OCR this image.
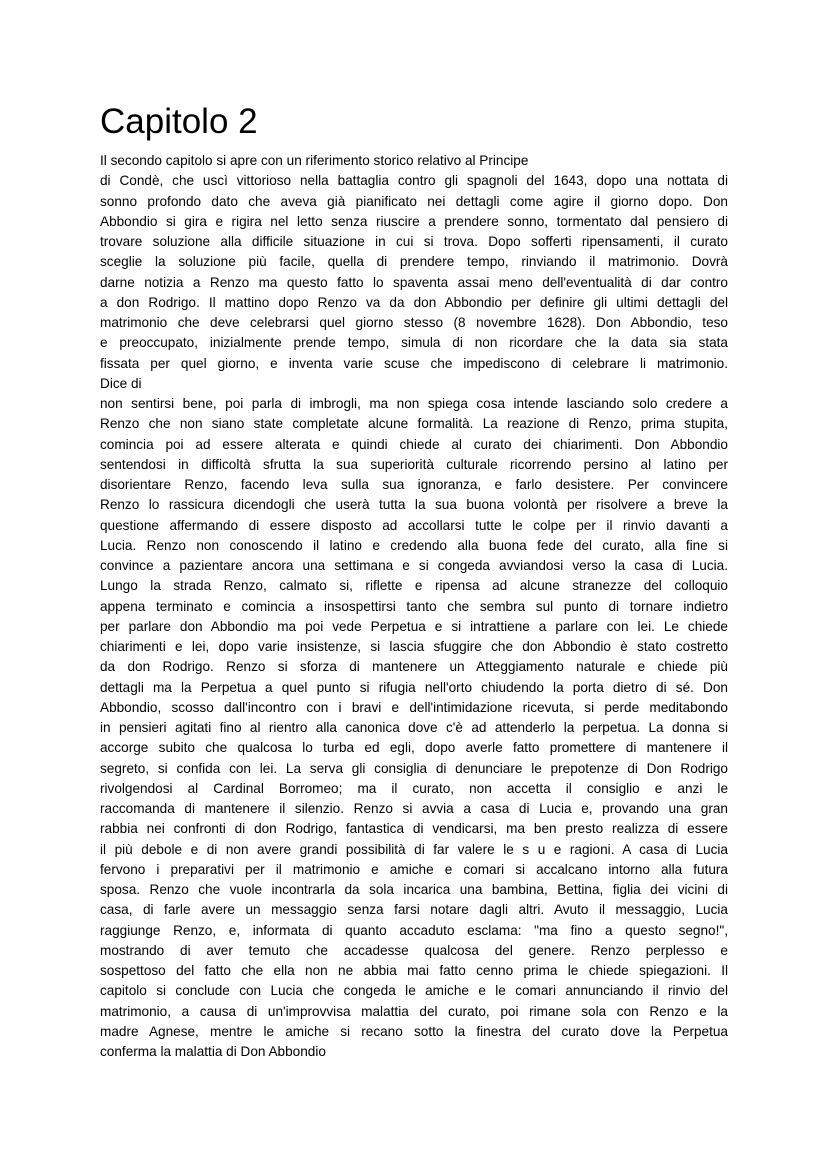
Capitolo 2
Il secondo capitolo si apre con un riferimento storico relativo al Principe
di Condè, che uscì vittorioso nella battaglia contro gli spagnoli del 1643, dopo una nottata di
sonno profondo dato che aveva già pianificato nei dettagli come agire il giorno dopo. Don
Abbondio si gira e rigira nel letto senza riuscire a prendere sonno, tormentato dal pensiero di
trovare soluzione alla difficile situazione in cui si trova. Dopo sofferti ripensamenti, il curato
sceglie la soluzione più facile, quella di prendere tempo, rinviando il matrimonio. Dovrà
darne notizia a Renzo ma questo fatto lo spaventa assai meno dell'eventualità di dar contro
a don Rodrigo. Il mattino dopo Renzo va da don Abbondio per definire gli ultimi dettagli del
matrimonio che deve celebrarsi quel giorno stesso (8 novembre 1628). Don Abbondio, teso
e preoccupato, inizialmente prende tempo, simula di non ricordare che la data sia stata
fissata per quel giorno, e inventa varie scuse che impediscono di celebrare li matrimonio.
Dice di
non sentirsi bene, poi parla di imbrogli, ma non spiega cosa intende lasciando solo credere a
Renzo che non siano state completate alcune formalità. La reazione di Renzo, prima stupita,
comincia poi ad essere alterata e quindi chiede al curato dei chiarimenti. Don Abbondio
sentendosi in difficoltà sfrutta la sua superiorità culturale ricorrendo persino al latino per
disorientare Renzo, facendo leva sulla sua ignoranza, e farlo desistere. Per convincere
Renzo lo rassicura dicendogli che userà tutta la sua buona volontà per risolvere a breve la
questione affermando di essere disposto ad accollarsi tutte le colpe per il rinvio davanti a
Lucia. Renzo non conoscendo il latino e credendo alla buona fede del curato, alla fine si
convince a pazientare ancora una settimana e si congeda avviandosi verso la casa di Lucia.
Lungo la strada Renzo, calmato si, riflette e ripensa ad alcune stranezze del colloquio
appena terminato e comincia a insospettirsi tanto che sembra sul punto di tornare indietro
per parlare don Abbondio ma poi vede Perpetua e si intrattiene a parlare con lei. Le chiede
chiarimenti e lei, dopo varie insistenze, si lascia sfuggire che don Abbondio è stato costretto
da don Rodrigo. Renzo si sforza di mantenere un Atteggiamento naturale e chiede più
dettagli ma la Perpetua a quel punto si rifugia nell'orto chiudendo la porta dietro di sé. Don
Abbondio, scosso dall'incontro con i bravi e dell'intimidazione ricevuta, si perde meditabondo
in pensieri agitati fino al rientro alla canonica dove c'è ad attenderlo la perpetua. La donna si
accorge subito che qualcosa lo turba ed egli, dopo averle fatto promettere di mantenere il
segreto, si confida con lei. La serva gli consiglia di denunciare le prepotenze di Don Rodrigo
rivolgendosi al Cardinal Borromeo; ma il curato, non accetta il consiglio e anzi le
raccomanda di mantenere il silenzio. Renzo si avvia a casa di Lucia e, provando una gran
rabbia nei confronti di don Rodrigo, fantastica di vendicarsi, ma ben presto realizza di essere
il più debole e di non avere grandi possibilità di far valere le s u e ragioni. A casa di Lucia
fervono i preparativi per il matrimonio e amiche e comari si accalcano intorno alla futura
sposa. Renzo che vuole incontrarla da sola incarica una bambina, Bettina, figlia dei vicini di
casa, di farle avere un messaggio senza farsi notare dagli altri. Avuto il messaggio, Lucia
raggiunge Renzo, e, informata di quanto accaduto esclama: "ma fino a questo segno!",
mostrando di aver temuto che accadesse qualcosa del genere. Renzo perplesso e
sospettoso del fatto che ella non ne abbia mai fatto cenno prima le chiede spiegazioni. Il
capitolo si conclude con Lucia che congeda le amiche e le comari annunciando il rinvio del
matrimonio, a causa di un'improvvisa malattia del curato, poi rimane sola con Renzo e la
madre Agnese, mentre le amiche si recano sotto la finestra del curato dove la Perpetua
conferma la malattia di Don Abbondio
